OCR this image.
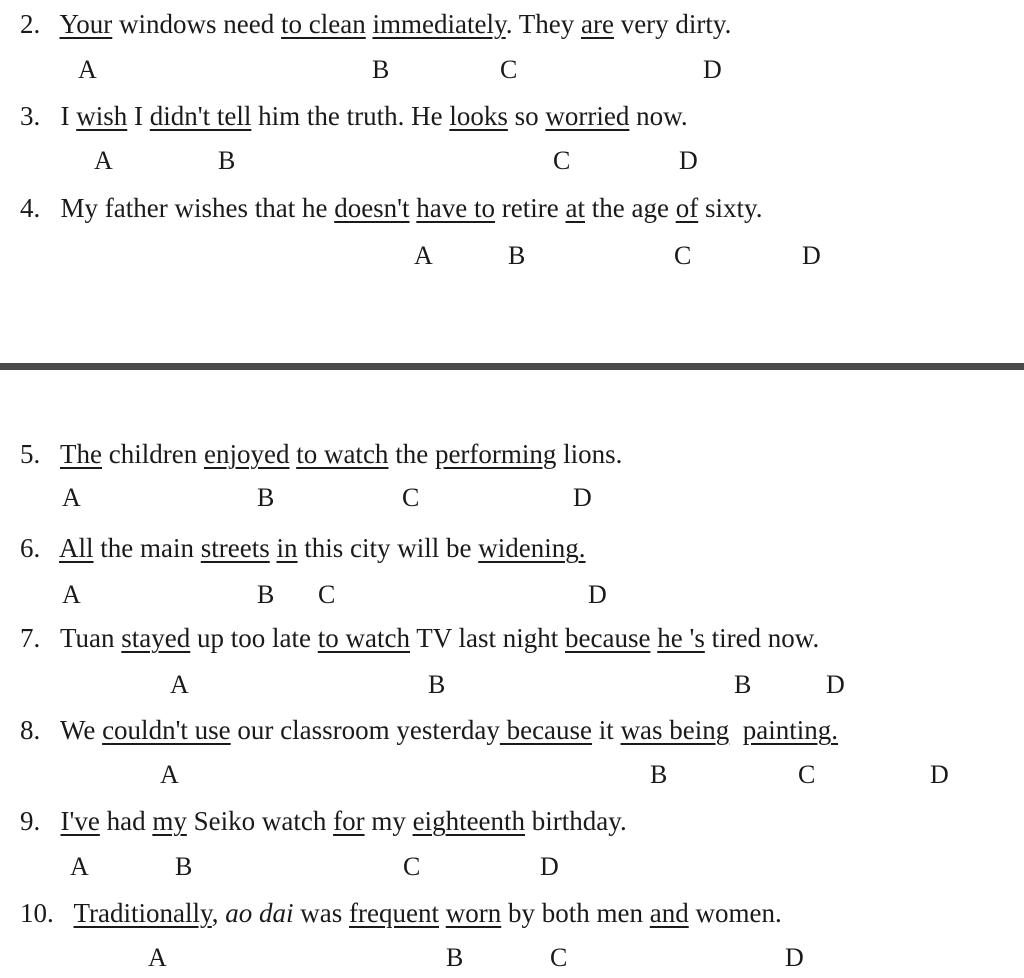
2. Your windows need to clean immediately. They are very dirty.
A	B	C	D
3. I wish I didn't tell him the truth. He looks so worried now.
A	B	C	D
4. My father wishes that he doesn't have to retire at the age of sixty.
A	B	C	D
5. The children enjoyed to watch the performing lions.
A	B	C	D
6. All the main streets in this city will be widening.
A	B C	D
7. Tuan stayed up too late to watch TV last night because he 's tired now.
A	B	B	D
8. We couldn't use our classroom yesterday because it was being painting.
A	B	C	D
9. I've had my Seiko watch for my eighteenth birthday.
A	B	C	D
10. Traditionally, ao dai was frequent worn by both men and women.
A	B	C	D
